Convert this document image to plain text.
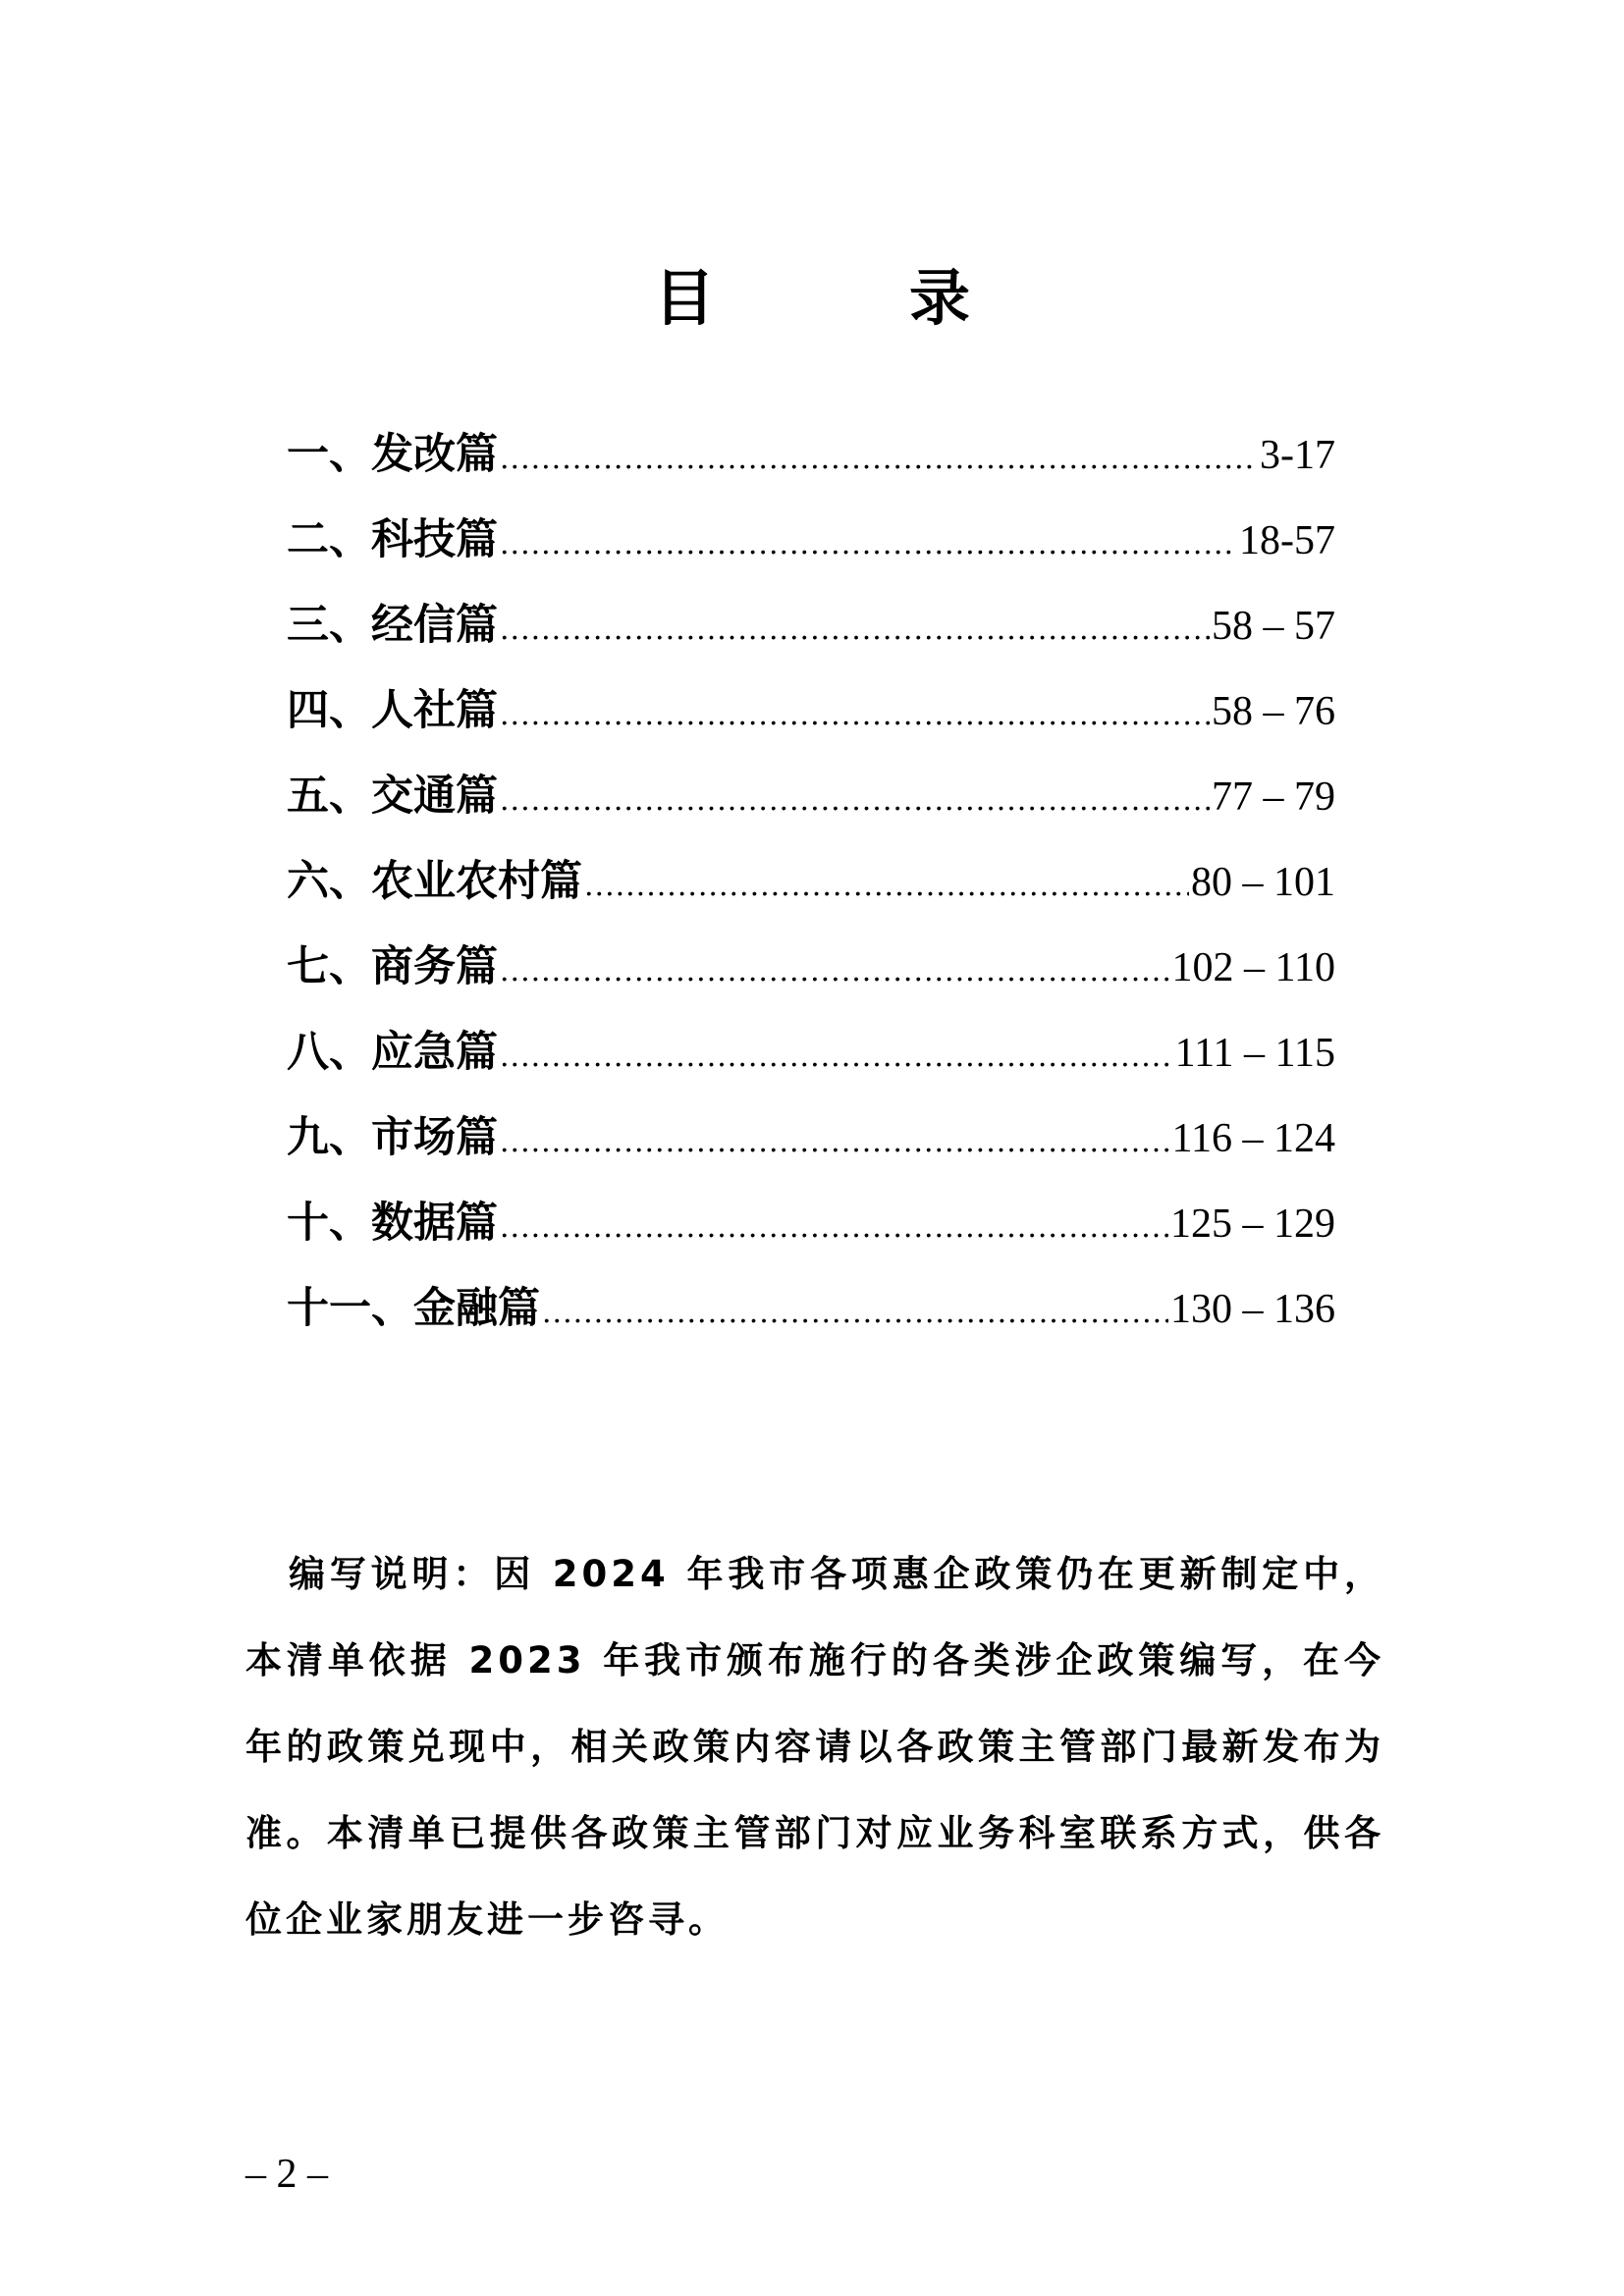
目　录
一、发改篇 .....	3-17
二、科技篇 .....	18-57
三、经信篇 .....	58 – 57
四、人社篇 .....	58 – 76
五、交通篇 .....	77 – 79
六、农业农村篇 .....	80 – 101
七、商务篇 .....	102 – 110
八、应急篇 .....	111 – 115
九、市场篇 .....	116 – 124
十、数据篇 .....	125 – 129
十一、金融篇 .....	130 – 136

编写说明：因 2024 年我市各项惠企政策仍在更新制定中，本清单依据 2023 年我市颁布施行的各类涉企政策编写，在今年的政策兑现中，相关政策内容请以各政策主管部门最新发布为准。本清单已提供各政策主管部门对应业务科室联系方式，供各位企业家朋友进一步咨寻。

– 2 –
